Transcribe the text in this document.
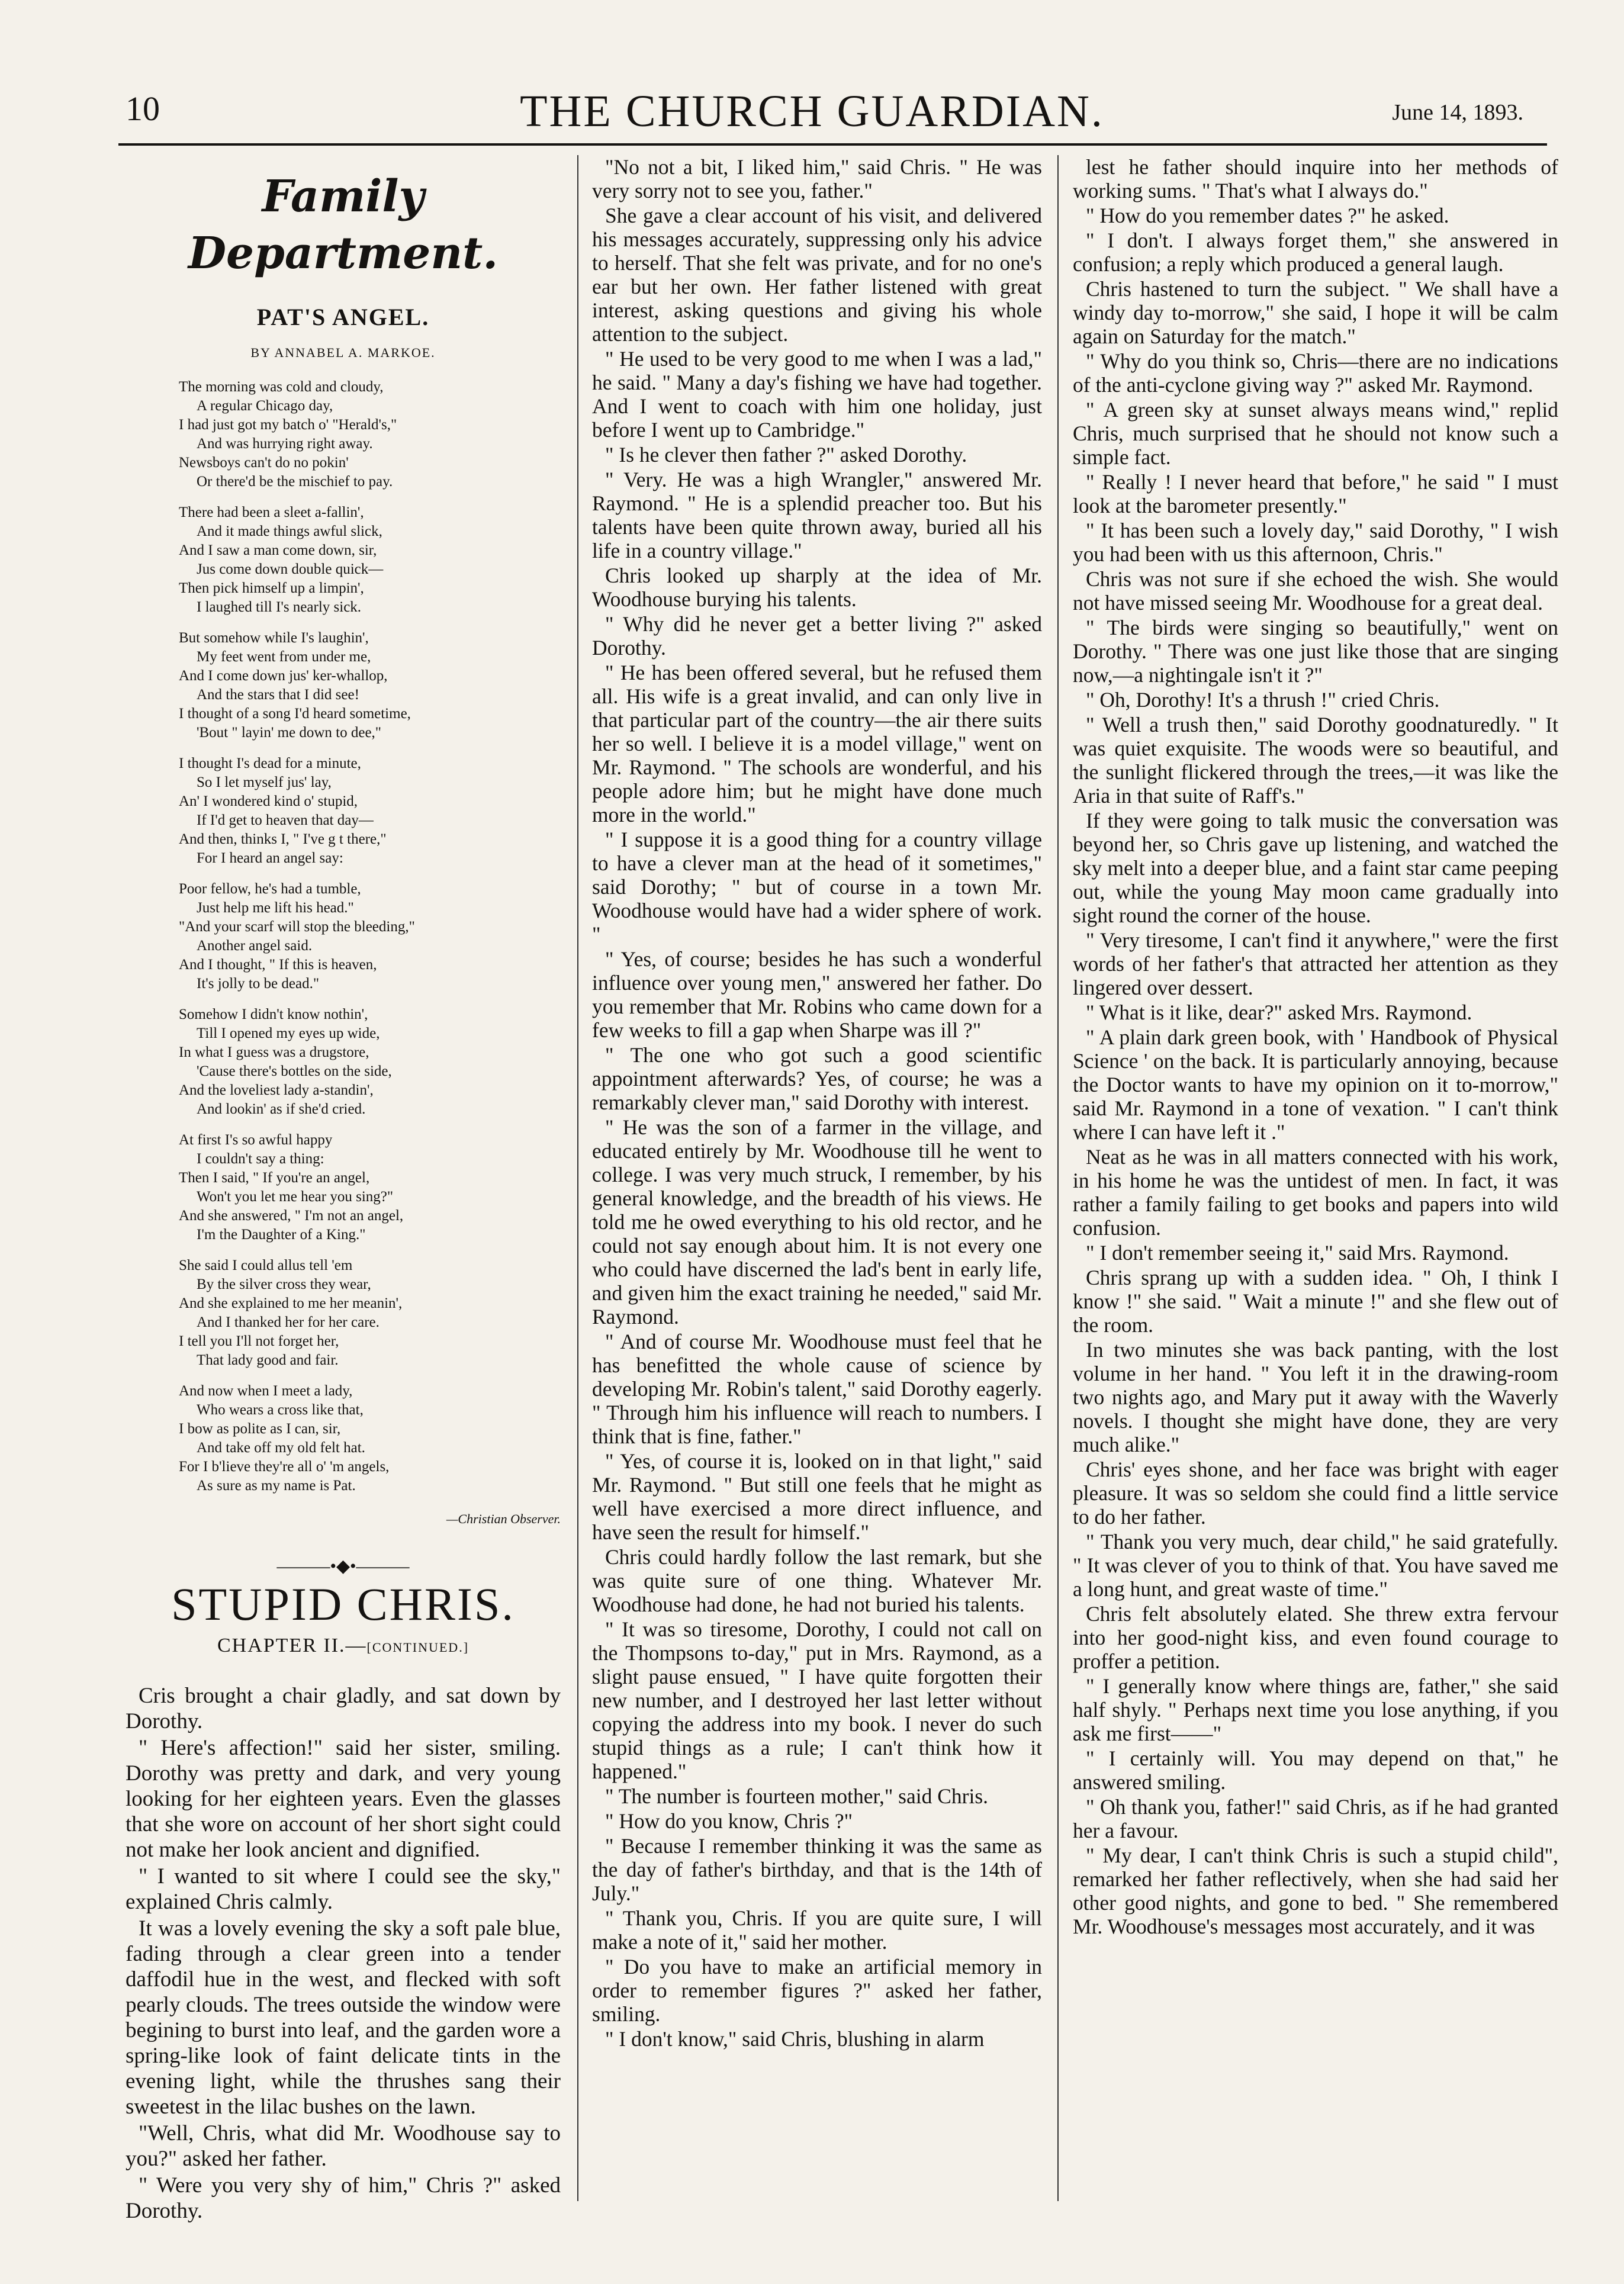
10	THE CHURCH GUARDIAN.	June 14, 1893.
Family Department.
PAT'S ANGEL.
BY ANNABEL A. MARKOE.
The morning was cold and cloudy,
A regular Chicago day,
I had just got my batch o' "Herald's,"
And was hurrying right away.
Newsboys can't do no pokin'
Or there'd be the mischief to pay.
There had been a sleet a-fallin',
And it made things awful slick,
And I saw a man come down, sir,
Jus come down double quick—
Then pick himself up a limpin',
I laughed till I's nearly sick.
But somehow while I's laughin',
My feet went from under me,
And I come down jus' ker-whallop,
And the stars that I did see!
I thought of a song I'd heard sometime,
'Bout " layin' me down to dee,"
I thought I's dead for a minute,
So I let myself jus' lay,
An' I wondered kind o' stupid,
If I'd get to heaven that day—
And then, thinks I, " I've g t there,"
For I heard an angel say:
Poor fellow, he's had a tumble,
Just help me lift his head."
"And your scarf will stop the bleeding,"
Another angel said.
And I thought, " If this is heaven,
It's jolly to be dead."
Somehow I didn't know nothin',
Till I opened my eyes up wide,
In what I guess was a drugstore,
'Cause there's bottles on the side,
And the loveliest lady a-standin',
And lookin' as if she'd cried.
At first I's so awful happy
I couldn't say a thing:
Then I said, " If you're an angel,
Won't you let me hear you sing?"
And she answered, " I'm not an angel,
I'm the Daughter of a King."
She said I could allus tell 'em
By the silver cross they wear,
And she explained to me her meanin',
And I thanked her for her care.
I tell you I'll not forget her,
That lady good and fair.
And now when I meet a lady,
Who wears a cross like that,
I bow as polite as I can, sir,
And take off my old felt hat.
For I b'lieve they're all o' 'm angels,
As sure as my name is Pat.
—Christian Observer.
———•◆•———
STUPID CHRIS.
CHAPTER II.—[CONTINUED.]

Cris brought a chair gladly, and sat down by Dorothy.

" Here's affection!" said her sister, smiling. Dorothy was pretty and dark, and very young looking for her eighteen years. Even the glasses that she wore on account of her short sight could not make her look ancient and dignified.

" I wanted to sit where I could see the sky," explained Chris calmly.

It was a lovely evening the sky a soft pale blue, fading through a clear green into a tender daffodil hue in the west, and flecked with soft pearly clouds. The trees outside the window were begining to burst into leaf, and the garden wore a spring-like look of faint delicate tints in the evening light, while the thrushes sang their sweetest in the lilac bushes on the lawn.

"Well, Chris, what did Mr. Woodhouse say to you?" asked her father.

" Were you very shy of him," Chris ?" asked Dorothy.

"No not a bit, I liked him," said Chris. " He was very sorry not to see you, father."

She gave a clear account of his visit, and delivered his messages accurately, suppressing only his advice to herself. That she felt was private, and for no one's ear but her own. Her father listened with great interest, asking questions and giving his whole attention to the subject.

" He used to be very good to me when I was a lad," he said. " Many a day's fishing we have had together. And I went to coach with him one holiday, just before I went up to Cambridge."

" Is he clever then father ?" asked Dorothy.

" Very. He was a high Wrangler," answered Mr. Raymond. " He is a splendid preacher too. But his talents have been quite thrown away, buried all his life in a country village."

Chris looked up sharply at the idea of Mr. Woodhouse burying his talents.

" Why did he never get a better living ?" asked Dorothy.

" He has been offered several, but he refused them all. His wife is a great invalid, and can only live in that particular part of the country—the air there suits her so well. I believe it is a model village," went on Mr. Raymond. " The schools are wonderful, and his people adore him; but he might have done much more in the world."

" I suppose it is a good thing for a country village to have a clever man at the head of it sometimes," said Dorothy; " but of course in a town Mr. Woodhouse would have had a wider sphere of work. "

" Yes, of course; besides he has such a wonderful influence over young men," answered her father. Do you remember that Mr. Robins who came down for a few weeks to fill a gap when Sharpe was ill ?"

" The one who got such a good scientific appointment afterwards? Yes, of course; he was a remarkably clever man," said Dorothy with interest.

" He was the son of a farmer in the village, and educated entirely by Mr. Woodhouse till he went to college. I was very much struck, I remember, by his general knowledge, and the breadth of his views. He told me he owed everything to his old rector, and he could not say enough about him. It is not every one who could have discerned the lad's bent in early life, and given him the exact training he needed," said Mr. Raymond.

" And of course Mr. Woodhouse must feel that he has benefitted the whole cause of science by developing Mr. Robin's talent," said Dorothy eagerly. " Through him his influence will reach to numbers. I think that is fine, father."

" Yes, of course it is, looked on in that light," said Mr. Raymond. " But still one feels that he might as well have exercised a more direct influence, and have seen the result for himself."

Chris could hardly follow the last remark, but she was quite sure of one thing. Whatever Mr. Woodhouse had done, he had not buried his talents.

" It was so tiresome, Dorothy, I could not call on the Thompsons to-day," put in Mrs. Raymond, as a slight pause ensued, " I have quite forgotten their new number, and I destroyed her last letter without copying the address into my book. I never do such stupid things as a rule; I can't think how it happened."

" The number is fourteen mother," said Chris.

" How do you know, Chris ?"

" Because I remember thinking it was the same as the day of father's birthday, and that is the 14th of July."

" Thank you, Chris. If you are quite sure, I will make a note of it," said her mother.

" Do you have to make an artificial memory in order to remember figures ?" asked her father, smiling.

" I don't know," said Chris, blushing in alarm

lest he father should inquire into her methods of working sums. " That's what I always do."

" How do you remember dates ?" he asked.

" I don't. I always forget them," she answered in confusion; a reply which produced a general laugh.

Chris hastened to turn the subject. " We shall have a windy day to-morrow," she said, I hope it will be calm again on Saturday for the match."

" Why do you think so, Chris—there are no indications of the anti-cyclone giving way ?" asked Mr. Raymond.

" A green sky at sunset always means wind," replid Chris, much surprised that he should not know such a simple fact.

" Really ! I never heard that before," he said " I must look at the barometer presently."

" It has been such a lovely day," said Dorothy, " I wish you had been with us this afternoon, Chris."

Chris was not sure if she echoed the wish. She would not have missed seeing Mr. Woodhouse for a great deal.

" The birds were singing so beautifully," went on Dorothy. " There was one just like those that are singing now,—a nightingale isn't it ?"

" Oh, Dorothy! It's a thrush !" cried Chris.

" Well a trush then," said Dorothy goodnaturedly. " It was quiet exquisite. The woods were so beautiful, and the sunlight flickered through the trees,—it was like the Aria in that suite of Raff's."

If they were going to talk music the conversation was beyond her, so Chris gave up listening, and watched the sky melt into a deeper blue, and a faint star came peeping out, while the young May moon came gradually into sight round the corner of the house.

" Very tiresome, I can't find it anywhere," were the first words of her father's that attracted her attention as they lingered over dessert.

" What is it like, dear?" asked Mrs. Raymond.

" A plain dark green book, with ' Handbook of Physical Science ' on the back. It is particularly annoying, because the Doctor wants to have my opinion on it to-morrow," said Mr. Raymond in a tone of vexation. " I can't think where I can have left it ."

Neat as he was in all matters connected with his work, in his home he was the untidest of men. In fact, it was rather a family failing to get books and papers into wild confusion.

" I don't remember seeing it," said Mrs. Raymond.

Chris sprang up with a sudden idea. " Oh, I think I know !" she said. " Wait a minute !" and she flew out of the room.

In two minutes she was back panting, with the lost volume in her hand. " You left it in the drawing-room two nights ago, and Mary put it away with the Waverly novels. I thought she might have done, they are very much alike."

Chris' eyes shone, and her face was bright with eager pleasure. It was so seldom she could find a little service to do her father.

" Thank you very much, dear child," he said gratefully. " It was clever of you to think of that. You have saved me a long hunt, and great waste of time."

Chris felt absolutely elated. She threw extra fervour into her good-night kiss, and even found courage to proffer a petition.

" I generally know where things are, father," she said half shyly. " Perhaps next time you lose anything, if you ask me first——"

" I certainly will. You may depend on that," he answered smiling.

" Oh thank you, father!" said Chris, as if he had granted her a favour.

" My dear, I can't think Chris is such a stupid child", remarked her father reflectively, when she had said her other good nights, and gone to bed. " She remembered Mr. Woodhouse's messages most accurately, and it was
